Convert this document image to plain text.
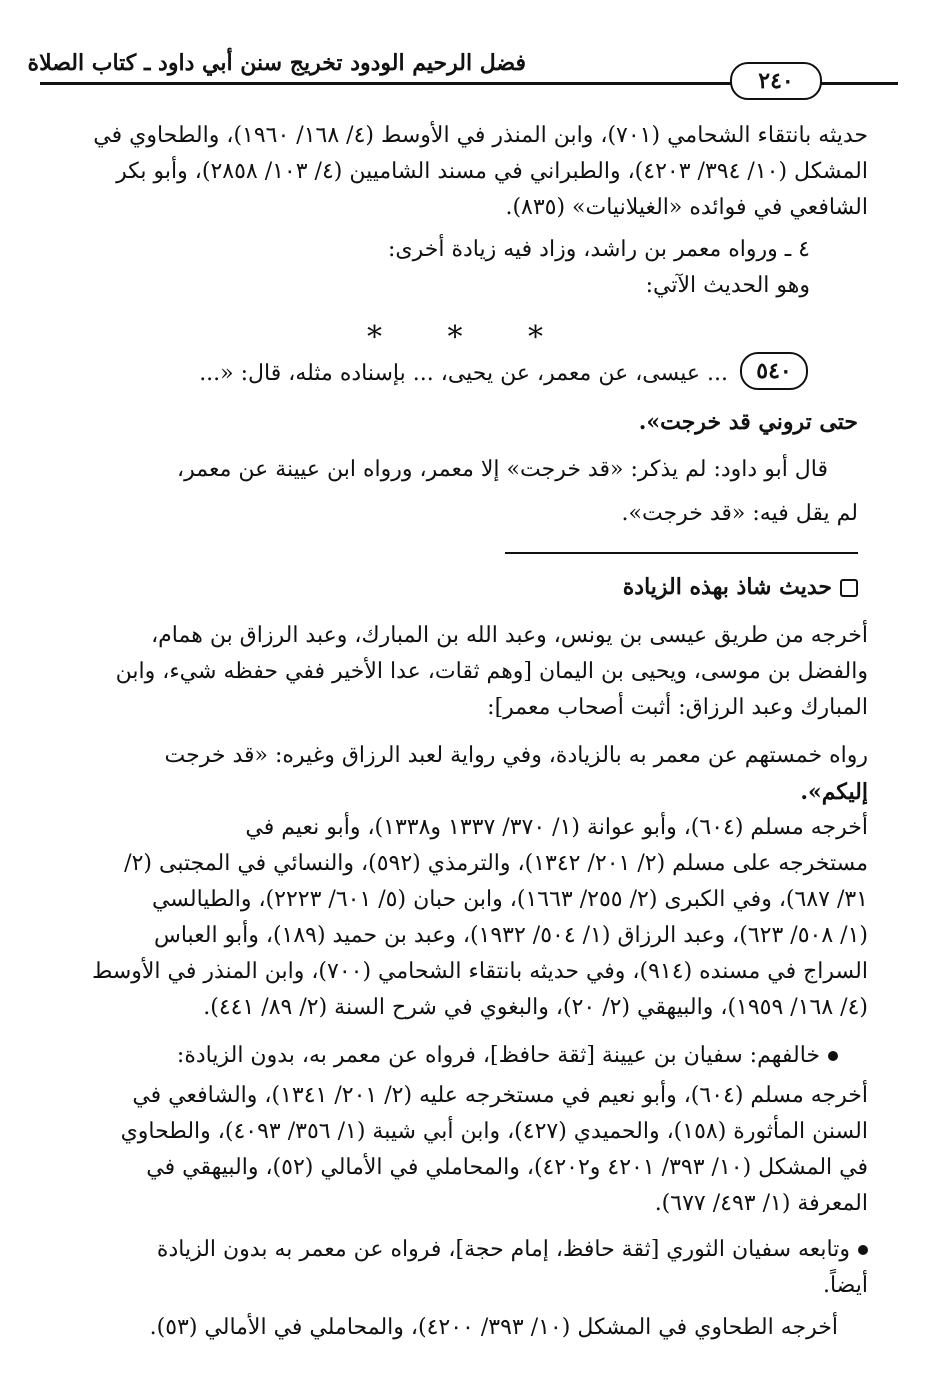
فضل الرحيم الودود تخريج سنن أبي داود ـ كتاب الصلاة
٢٤٠
حديثه بانتقاء الشحامي (٧٠١)، وابن المنذر في الأوسط (٤/ ١٦٨/ ١٩٦٠)، والطحاوي في
المشكل (١٠/ ٣٩٤/ ٤٢٠٣)، والطبراني في مسند الشاميين (٤/ ١٠٣/ ٢٨٥٨)، وأبو بكر
الشافعي في فوائده «الغيلانيات» (٨٣٥).
٤ ـ ورواه معمر بن راشد، وزاد فيه زيادة أخرى:
وهو الحديث الآتي:
* * *
٥٤٠
... عيسى، عن معمر، عن يحيى، ... بإسناده مثله، قال: «...
حتى تروني قد خرجت».
قال أبو داود: لم يذكر: «قد خرجت» إلا معمر، ورواه ابن عيينة عن معمر،
لم يقل فيه: «قد خرجت».
حديث شاذ بهذه الزيادة
أخرجه من طريق عيسى بن يونس، وعبد الله بن المبارك، وعبد الرزاق بن همام،
والفضل بن موسى، ويحيى بن اليمان [وهم ثقات، عدا الأخير ففي حفظه شيء، وابن
المبارك وعبد الرزاق: أثبت أصحاب معمر]:
رواه خمستهم عن معمر به بالزيادة، وفي رواية لعبد الرزاق وغيره: «قد خرجت
إليكم».
أخرجه مسلم (٦٠٤)، وأبو عوانة (١/ ٣٧٠/ ١٣٣٧ و١٣٣٨)، وأبو نعيم في
مستخرجه على مسلم (٢/ ٢٠١/ ١٣٤٢)، والترمذي (٥٩٢)، والنسائي في المجتبى (٢/
٣١/ ٦٨٧)، وفي الكبرى (٢/ ٢٥٥/ ١٦٦٣)، وابن حبان (٥/ ٦٠١/ ٢٢٢٣)، والطيالسي
(١/ ٥٠٨/ ٦٢٣)، وعبد الرزاق (١/ ٥٠٤/ ١٩٣٢)، وعبد بن حميد (١٨٩)، وأبو العباس
السراج في مسنده (٩١٤)، وفي حديثه بانتقاء الشحامي (٧٠٠)، وابن المنذر في الأوسط
(٤/ ١٦٨/ ١٩٥٩)، والبيهقي (٢/ ٢٠)، والبغوي في شرح السنة (٢/ ٨٩/ ٤٤١).
خالفهم: سفيان بن عيينة [ثقة حافظ]، فرواه عن معمر به، بدون الزيادة:
أخرجه مسلم (٦٠٤)، وأبو نعيم في مستخرجه عليه (٢/ ٢٠١/ ١٣٤١)، والشافعي في
السنن المأثورة (١٥٨)، والحميدي (٤٢٧)، وابن أبي شيبة (١/ ٣٥٦/ ٤٠٩٣)، والطحاوي
في المشكل (١٠/ ٣٩٣/ ٤٢٠١ و٤٢٠٢)، والمحاملي في الأمالي (٥٢)، والبيهقي في
المعرفة (١/ ٤٩٣/ ٦٧٧).
وتابعه سفيان الثوري [ثقة حافظ، إمام حجة]، فرواه عن معمر به بدون الزيادة
أيضاً.
أخرجه الطحاوي في المشكل (١٠/ ٣٩٣/ ٤٢٠٠)، والمحاملي في الأمالي (٥٣).
